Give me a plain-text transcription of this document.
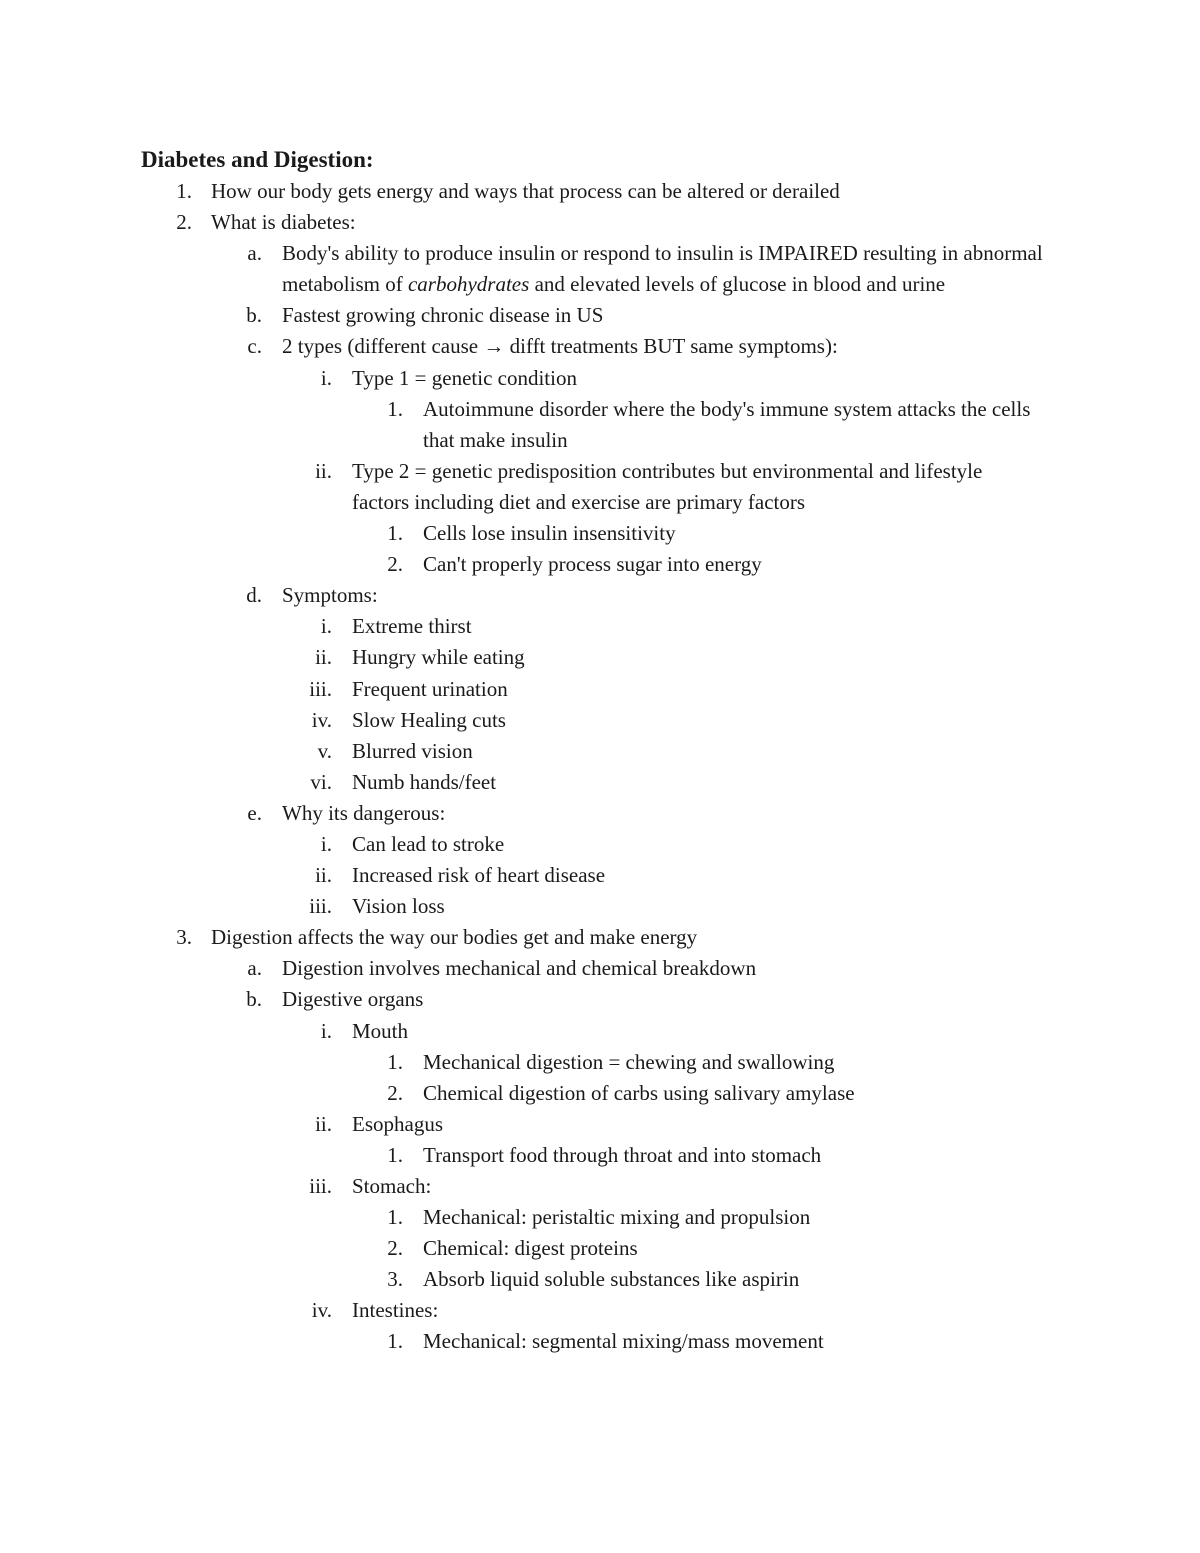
Diabetes and Digestion:
1. How our body gets energy and ways that process can be altered or derailed
2. What is diabetes:
a. Body's ability to produce insulin or respond to insulin is IMPAIRED resulting in abnormal metabolism of carbohydrates and elevated levels of glucose in blood and urine
b. Fastest growing chronic disease in US
c. 2 types (different cause → difft treatments BUT same symptoms):
i. Type 1 = genetic condition
1. Autoimmune disorder where the body's immune system attacks the cells that make insulin
ii. Type 2 = genetic predisposition contributes but environmental and lifestyle factors including diet and exercise are primary factors
1. Cells lose insulin insensitivity
2. Can't properly process sugar into energy
d. Symptoms:
i. Extreme thirst
ii. Hungry while eating
iii. Frequent urination
iv. Slow Healing cuts
v. Blurred vision
vi. Numb hands/feet
e. Why its dangerous:
i. Can lead to stroke
ii. Increased risk of heart disease
iii. Vision loss
3. Digestion affects the way our bodies get and make energy
a. Digestion involves mechanical and chemical breakdown
b. Digestive organs
i. Mouth
1. Mechanical digestion = chewing and swallowing
2. Chemical digestion of carbs using salivary amylase
ii. Esophagus
1. Transport food through throat and into stomach
iii. Stomach:
1. Mechanical: peristaltic mixing and propulsion
2. Chemical: digest proteins
3. Absorb liquid soluble substances like aspirin
iv. Intestines:
1. Mechanical: segmental mixing/mass movement
